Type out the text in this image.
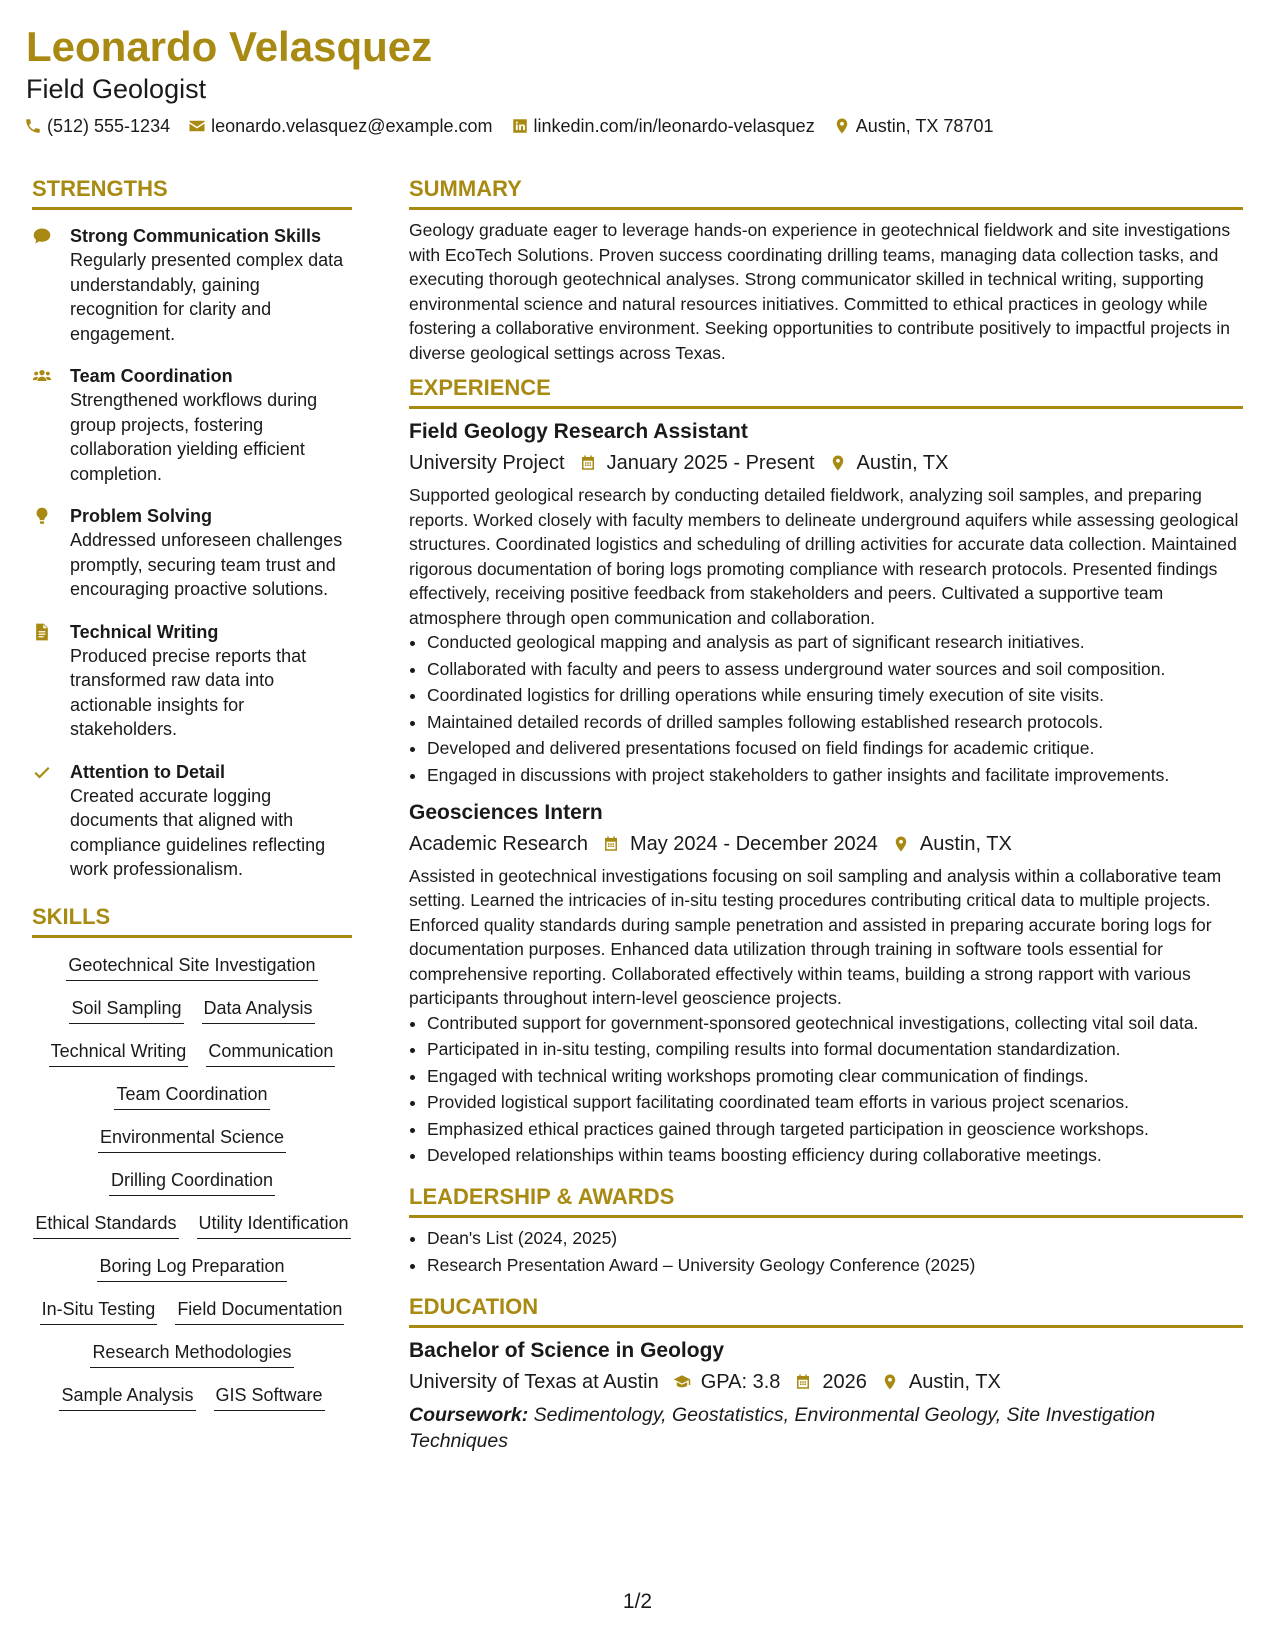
Leonardo Velasquez
Field Geologist
(512) 555-1234 leonardo.velasquez@example.com linkedin.com/in/leonardo-velasquez Austin, TX 78701
STRENGTHS
Strong Communication Skills
Regularly presented complex data understandably, gaining recognition for clarity and engagement.
Team Coordination
Strengthened workflows during group projects, fostering collaboration yielding efficient completion.
Problem Solving
Addressed unforeseen challenges promptly, securing team trust and encouraging proactive solutions.
Technical Writing
Produced precise reports that transformed raw data into actionable insights for stakeholders.
Attention to Detail
Created accurate logging documents that aligned with compliance guidelines reflecting work professionalism.
SKILLS
Geotechnical Site Investigation
Soil Sampling Data Analysis
Technical Writing Communication
Team Coordination
Environmental Science
Drilling Coordination
Ethical Standards Utility Identification
Boring Log Preparation
In-Situ Testing Field Documentation
Research Methodologies
Sample Analysis GIS Software
SUMMARY

Geology graduate eager to leverage hands-on experience in geotechnical fieldwork and site investigations with EcoTech Solutions. Proven success coordinating drilling teams, managing data collection tasks, and executing thorough geotechnical analyses. Strong communicator skilled in technical writing, supporting environmental science and natural resources initiatives. Committed to ethical practices in geology while fostering a collaborative environment. Seeking opportunities to contribute positively to impactful projects in diverse geological settings across Texas.

EXPERIENCE
Field Geology Research Assistant
University Project January 2025 - Present Austin, TX

Supported geological research by conducting detailed fieldwork, analyzing soil samples, and preparing reports. Worked closely with faculty members to delineate underground aquifers while assessing geological structures. Coordinated logistics and scheduling of drilling activities for accurate data collection. Maintained rigorous documentation of boring logs promoting compliance with research protocols. Presented findings effectively, receiving positive feedback from stakeholders and peers. Cultivated a supportive team atmosphere through open communication and collaboration.

• Conducted geological mapping and analysis as part of significant research initiatives.
• Collaborated with faculty and peers to assess underground water sources and soil composition.
• Coordinated logistics for drilling operations while ensuring timely execution of site visits.
• Maintained detailed records of drilled samples following established research protocols.
• Developed and delivered presentations focused on field findings for academic critique.
• Engaged in discussions with project stakeholders to gather insights and facilitate improvements.
Geosciences Intern
Academic Research May 2024 - December 2024 Austin, TX

Assisted in geotechnical investigations focusing on soil sampling and analysis within a collaborative team setting. Learned the intricacies of in-situ testing procedures contributing critical data to multiple projects. Enforced quality standards during sample penetration and assisted in preparing accurate boring logs for documentation purposes. Enhanced data utilization through training in software tools essential for comprehensive reporting. Collaborated effectively within teams, building a strong rapport with various participants throughout intern-level geoscience projects.

• Contributed support for government-sponsored geotechnical investigations, collecting vital soil data.
• Participated in in-situ testing, compiling results into formal documentation standardization.
• Engaged with technical writing workshops promoting clear communication of findings.
• Provided logistical support facilitating coordinated team efforts in various project scenarios.
• Emphasized ethical practices gained through targeted participation in geoscience workshops.
• Developed relationships within teams boosting efficiency during collaborative meetings.
LEADERSHIP & AWARDS
• Dean's List (2024, 2025)
• Research Presentation Award – University Geology Conference (2025)
EDUCATION
Bachelor of Science in Geology
University of Texas at Austin GPA: 3.8 2026 Austin, TX
Coursework: Sedimentology, Geostatistics, Environmental Geology, Site Investigation Techniques
1/2
